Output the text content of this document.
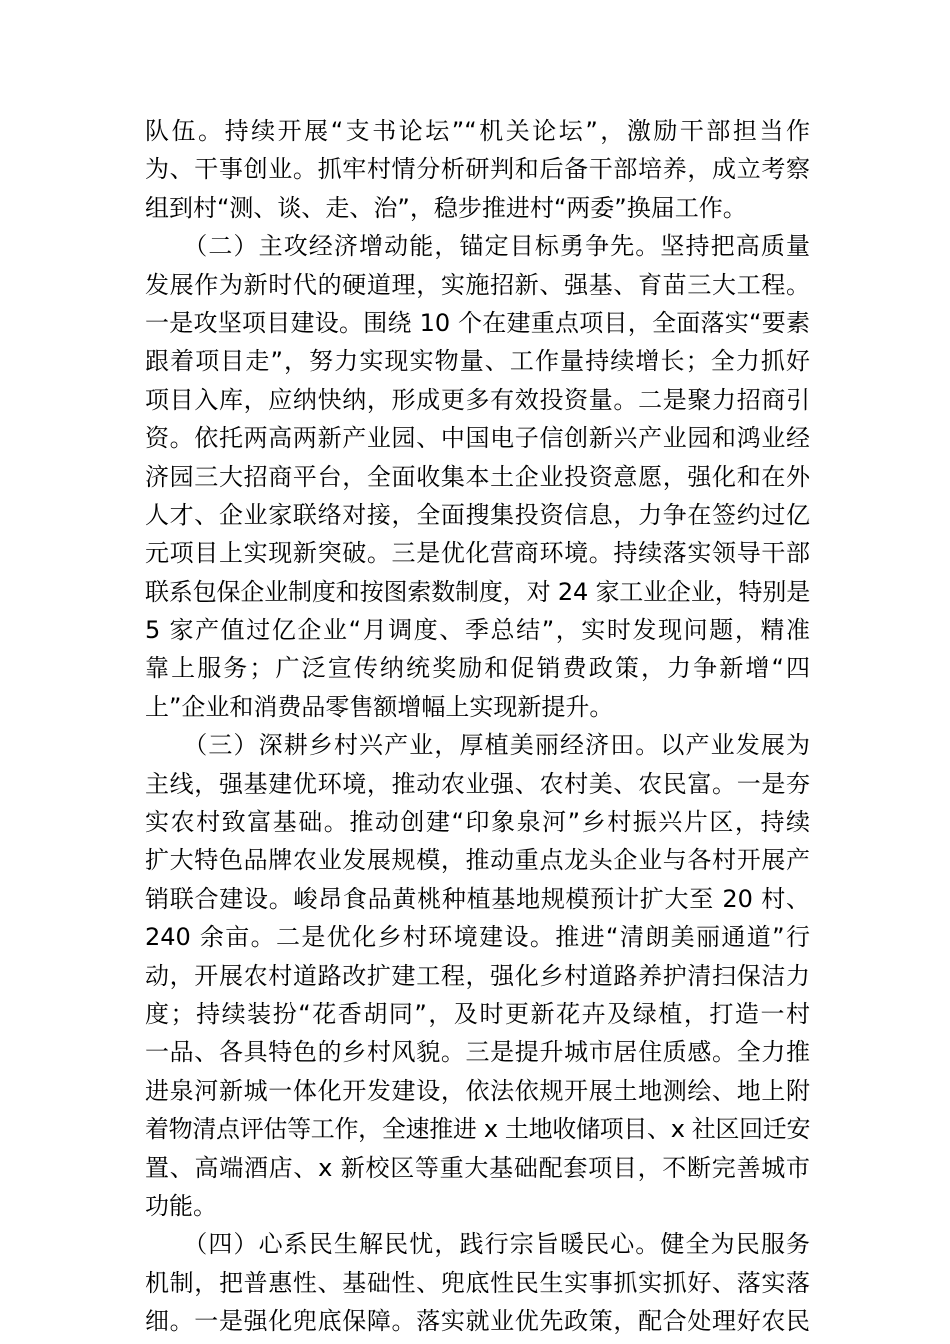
队伍。持续开展“支书论坛”“机关论坛”，激励干部担当作
为、干事创业。抓牢村情分析研判和后备干部培养，成立考察
组到村“测、谈、走、治”，稳步推进村“两委”换届工作。
　　（二）主攻经济增动能，锚定目标勇争先。坚持把高质量
发展作为新时代的硬道理，实施招新、强基、育苗三大工程。
一是攻坚项目建设。围绕 10 个在建重点项目，全面落实“要素
跟着项目走”，努力实现实物量、工作量持续增长；全力抓好
项目入库，应纳快纳，形成更多有效投资量。二是聚力招商引
资。依托两高两新产业园、中国电子信创新兴产业园和鸿业经
济园三大招商平台，全面收集本土企业投资意愿，强化和在外
人才、企业家联络对接，全面搜集投资信息，力争在签约过亿
元项目上实现新突破。三是优化营商环境。持续落实领导干部
联系包保企业制度和按图索数制度，对 24 家工业企业，特别是
5 家产值过亿企业“月调度、季总结”，实时发现问题，精准
靠上服务；广泛宣传纳统奖励和促销费政策，力争新增“四
上”企业和消费品零售额增幅上实现新提升。
　　（三）深耕乡村兴产业，厚植美丽经济田。以产业发展为
主线，强基建优环境，推动农业强、农村美、农民富。一是夯
实农村致富基础。推动创建“印象泉河”乡村振兴片区，持续
扩大特色品牌农业发展规模，推动重点龙头企业与各村开展产
销联合建设。峻昂食品黄桃种植基地规模预计扩大至 20 村、
240 余亩。二是优化乡村环境建设。推进“清朗美丽通道”行
动，开展农村道路改扩建工程，强化乡村道路养护清扫保洁力
度；持续装扮“花香胡同”，及时更新花卉及绿植，打造一村
一品、各具特色的乡村风貌。三是提升城市居住质感。全力推
进泉河新城一体化开发建设，依法依规开展土地测绘、地上附
着物清点评估等工作，全速推进 x 土地收储项目、x 社区回迁安
置、高端酒店、x 新校区等重大基础配套项目，不断完善城市
功能。
　　（四）心系民生解民忧，践行宗旨暖民心。健全为民服务
机制，把普惠性、基础性、兜底性民生实事抓实抓好、落实落
细。一是强化兜底保障。落实就业优先政策，配合处理好农民
